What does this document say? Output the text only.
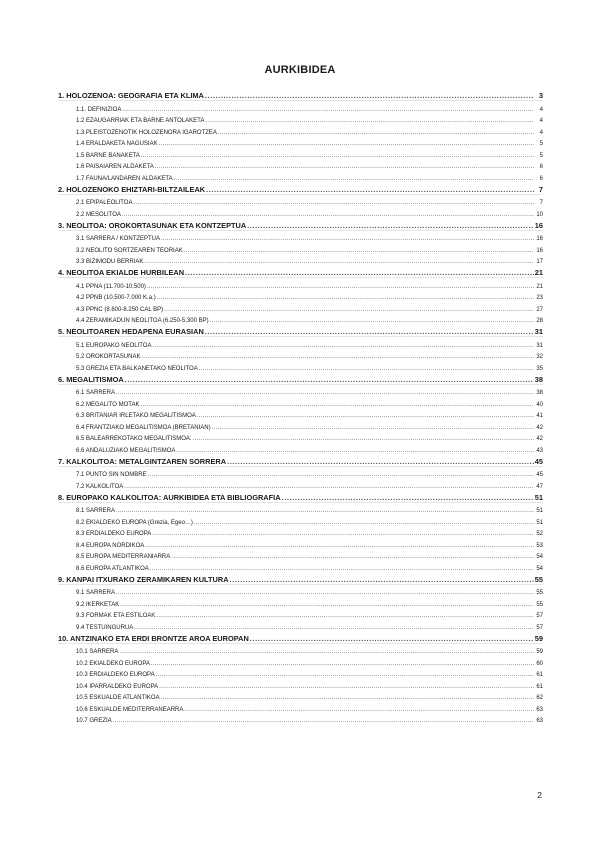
AURKIBIDEA
1. HOLOZENOA: GEOGRAFIA ETA KLIMA .....	3
1.1. DEFINIZIOA .....	4
1.2 EZAUGARRIAK ETA BARNE ANTOLAKETA .....	4
1.3 PLEISTOZENOTIK HOLOZENORA IGAROTZEA .....	4
1.4 ERALDAKETA NAGUSIAK .....	5
1.5 BARNE BANAKETA .....	5
1.6 PAISAIAREN ALDAKETA .....	6
1.7 FAUNA/LANDAREN ALDAKETA .....	6
2. HOLOZENOKO EHIZTARI-BILTZAILEAK .....	7
2.1 EPIPALEOLITOA .....	7
2.2 MESOLITOA .....	10
3. NEOLITOA: OROKORTASUNAK ETA KONTZEPTUA .....	16
3.1 SARRERA / KONTZEPTUA .....	16
3.2 NEOLITO SORTZEAREN TEORIAK .....	16
3.3 BIZIMODU BERRIAK .....	17
4. NEOLITOA EKIALDE HURBILEAN .....	21
4.1 PPNA (11.700-10.500) .....	21
4.2 PPNB (10.500-7.000 K.a.) .....	23
4.3 PPNC (8.600-8.250 CAL BP) .....	27
4.4 ZERAMIKADUN NEOLITOA (6.250-5.300 BP) .....	28
5. NEOLITOAREN HEDAPENA EURASIAN .....	31
5.1 EUROPAKO NEOLITOA .....	31
5.2 OROKORTASUNAK .....	32
5.3 GREZIA ETA BALKANETAKO NEOLITOA .....	35
6. MEGALITISMOA .....	38
6.1 SARRERA .....	38
6.2 MEGALITO MOTAK .....	40
6.3 BRITANIAR IRLETAKO MEGALITISMOA .....	41
6.4 FRANTZIAKO MEGALITISMOA (BRETANIAN) .....	42
6.5 BALEARREKOTAKO MEGALITISMOA: .....	42
6.6 ANDALUZIAKO MEGALITISMOA .....	43
7. KALKOLITOA: METALGINTZAREN SORRERA .....	45
7.1 PUNTO SIN NOMBRE .....	45
7.2 KALKOLITOA .....	47
8. EUROPAKO KALKOLITOA: AURKIBIDEA ETA BIBLIOGRAFIA .....	51
8.1 SARRERA .....	51
8.2 EKIALDEKO EUROPA (Grezia, Egeo…) .....	51
8.3 ERDIALDEKO EUROPA .....	52
8.4 EUROPA NORDIKOA .....	53
8.5 EUROPA MEDITERRANIARRA .....	54
8.6 EUROPA ATLANTIKOA .....	54
9. KANPAI ITXURAKO ZERAMIKAREN KULTURA .....	55
9.1 SARRERA .....	55
9.2 IKERKETAK .....	55
9.3 FORMAK ETA ESTILOAK .....	57
9.4 TESTUINGURUA .....	57
10. ANTZINAKO ETA ERDI BRONTZE AROA EUROPAN .....	59
10.1 SARRERA .....	59
10.2 EKIALDEKO EUROPA .....	60
10.3 ERDIALDEKO EUROPA .....	61
10.4 IPARRALDEKO EUROPA .....	61
10.5 ESKUALDE ATLANTIKOA .....	62
10.6 ESKUALDE MEDITERRANEARRA .....	63
10.7 GREZIA .....	63
2
